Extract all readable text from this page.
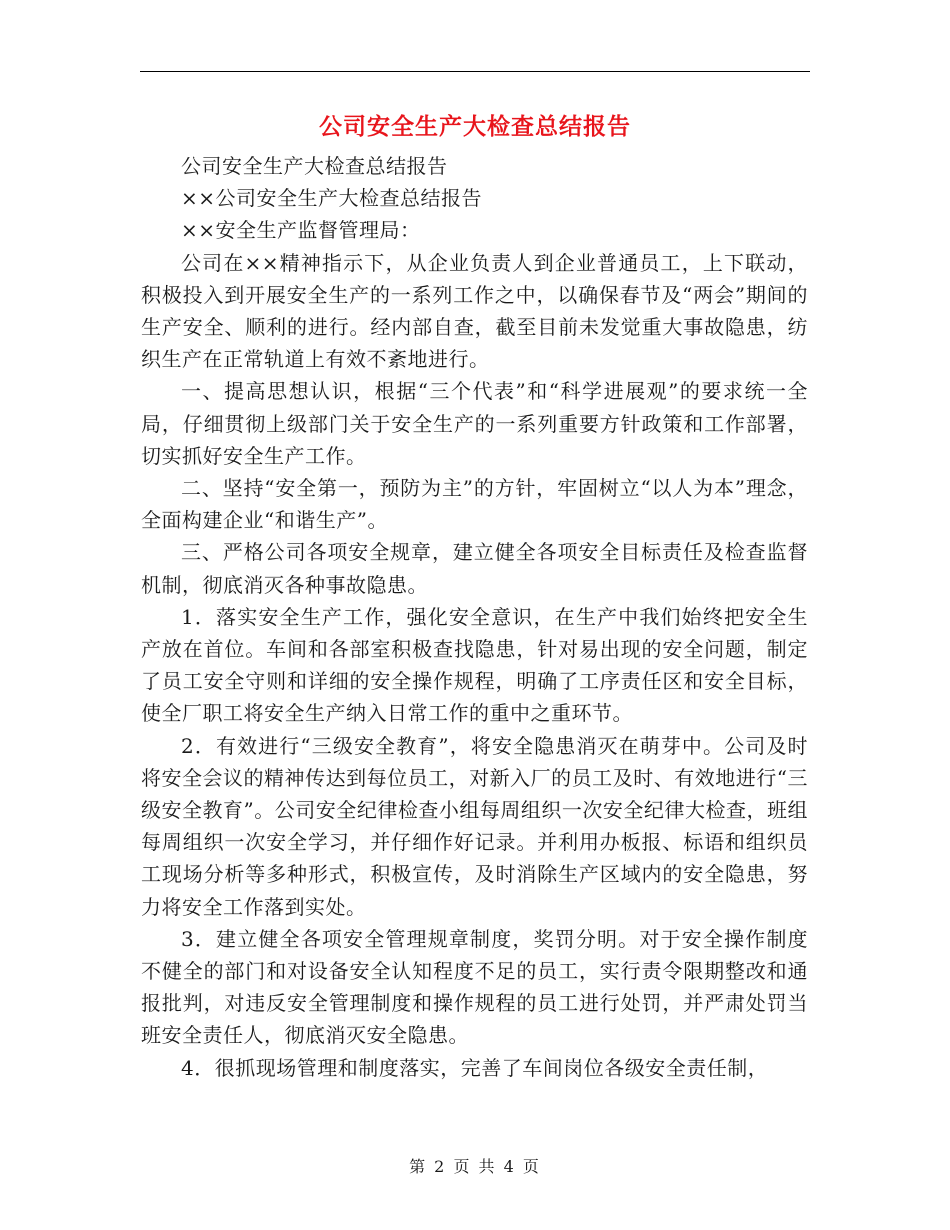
公司安全生产大检查总结报告

公司安全生产大检查总结报告

××公司安全生产大检查总结报告

××安全生产监督管理局：

公司在××精神指示下，从企业负责人到企业普通员工，上下联动，积极投入到开展安全生产的一系列工作之中，以确保春节及“两会”期间的生产安全、顺利的进行。经内部自查，截至目前未发觉重大事故隐患，纺织生产在正常轨道上有效不紊地进行。

一、提高思想认识，根据“三个代表”和“科学进展观”的要求统一全局，仔细贯彻上级部门关于安全生产的一系列重要方针政策和工作部署，切实抓好安全生产工作。

二、坚持“安全第一，预防为主”的方针，牢固树立“以人为本”理念，全面构建企业“和谐生产”。

三、严格公司各项安全规章，建立健全各项安全目标责任及检查监督机制，彻底消灭各种事故隐患。

1．落实安全生产工作，强化安全意识，在生产中我们始终把安全生产放在首位。车间和各部室积极查找隐患，针对易出现的安全问题，制定了员工安全守则和详细的安全操作规程，明确了工序责任区和安全目标，使全厂职工将安全生产纳入日常工作的重中之重环节。

2．有效进行“三级安全教育”，将安全隐患消灭在萌芽中。公司及时将安全会议的精神传达到每位员工，对新入厂的员工及时、有效地进行“三级安全教育”。公司安全纪律检查小组每周组织一次安全纪律大检查，班组每周组织一次安全学习，并仔细作好记录。并利用办板报、标语和组织员工现场分析等多种形式，积极宣传，及时消除生产区域内的安全隐患，努力将安全工作落到实处。

3．建立健全各项安全管理规章制度，奖罚分明。对于安全操作制度不健全的部门和对设备安全认知程度不足的员工，实行责令限期整改和通报批判，对违反安全管理制度和操作规程的员工进行处罚，并严肃处罚当班安全责任人，彻底消灭安全隐患。

4．很抓现场管理和制度落实，完善了车间岗位各级安全责任制，

第 2 页 共 4 页
